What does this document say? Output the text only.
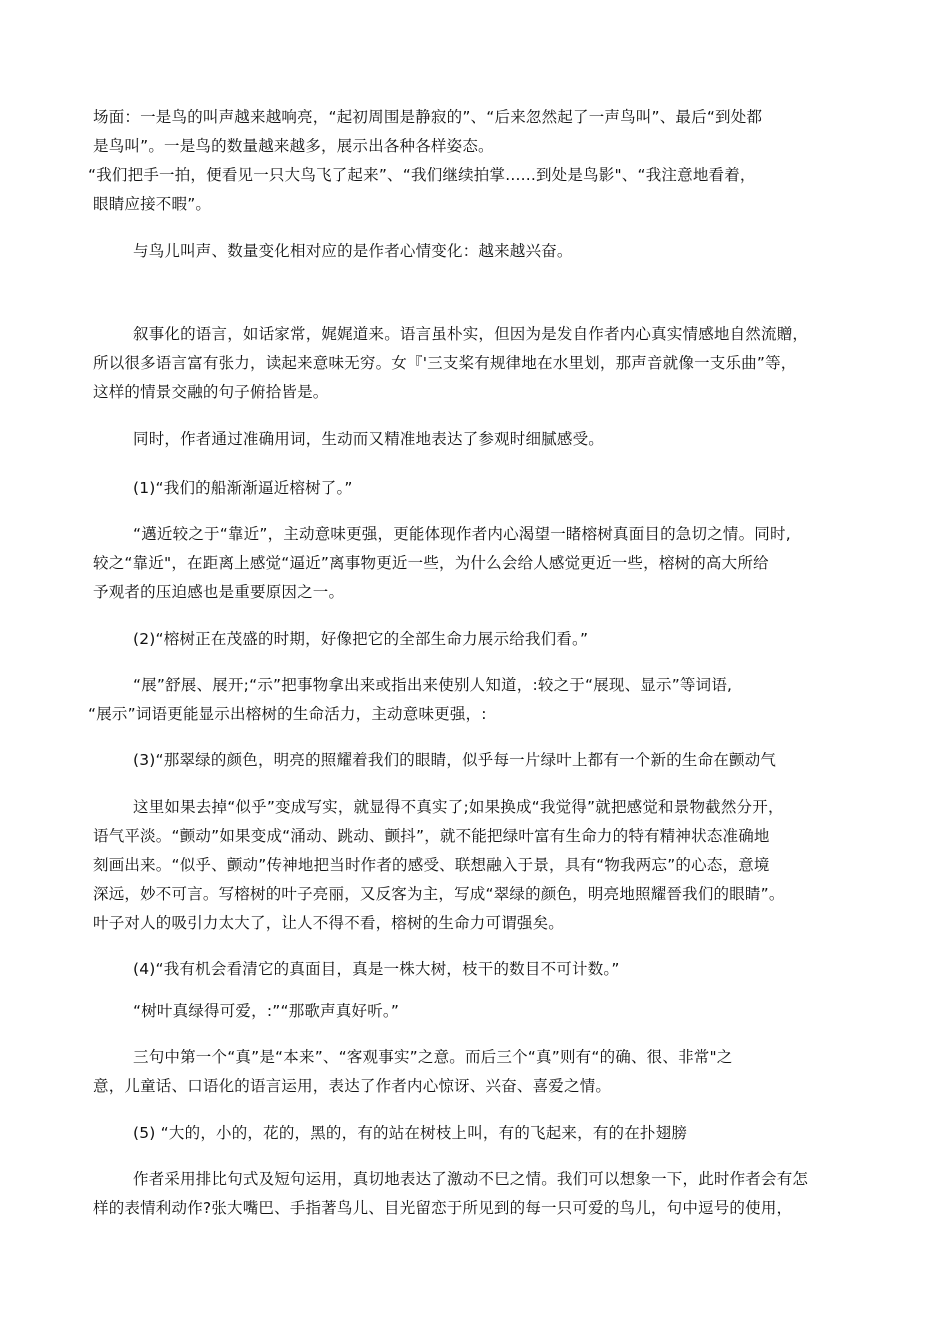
场面：一是鸟的叫声越来越响亮，“起初周围是静寂的”、“后来忽然起了一声鸟叫”、最后“到处都
是鸟叫”。一是鸟的数量越来越多，展示出各种各样姿态。
“我们把手一拍，便看见一只大鸟飞了起来”、“我们继续拍掌......到处是鸟影"、“我注意地看着，
眼睛应接不暇”。
与鸟儿叫声、数量变化相对应的是作者心情变化：越来越兴奋。
叙事化的语言，如话家常，娓娓道来。语言虽朴实，但因为是发自作者内心真实情感地自然流贈，
所以很多语言富有张力，读起来意味无穷。女『'三支桨有规律地在水里划，那声音就像一支乐曲”等，
这样的情景交融的句子俯拾皆是。
同时，作者通过准确用词，生动而又精准地表达了参观时细腻感受。
(1)“我们的船渐渐逼近榕树了。”
“邁近较之于“靠近”，主动意味更强，更能体现作者内心渴望一睹榕树真面目的急切之情。同时,
较之“靠近"，在距离上感觉“逼近”离事物更近一些，为什么会给人感觉更近一些，榕树的高大所给
予观者的压迫感也是重要原因之一。
(2)“榕树正在茂盛的时期，好像把它的全部生命力展示给我们看。”
“展”舒展、展开;“示”把事物拿出来或指出来使别人知道，:较之于“展现、显示”等词语,
“展示”词语更能显示出榕树的生命活力，主动意味更强，:
(3)“那翠绿的颜色，明亮的照耀着我们的眼睛，似乎每一片绿叶上都有一个新的生命在颤动气
这里如果去掉“似乎”变成写实，就显得不真实了;如果换成“我觉得”就把感觉和景物截然分开，
语气平淡。“颤动”如果变成“涌动、跳动、颤抖”，就不能把绿叶富有生命力的特有精神状态准确地
刻画出来。“似乎、颤动”传神地把当时作者的感受、联想融入于景，具有“物我两忘”的心态，意境
深远，妙不可言。写榕树的叶子亮丽，又反客为主，写成“翠绿的颜色，明亮地照耀晉我们的眼睛”。
叶子对人的吸引力太大了，让人不得不看，榕树的生命力可谓强矣。
(4)“我有机会看清它的真面目，真是一株大树，枝干的数目不可计数。”
“树叶真绿得可爱，:”“那歌声真好听。”
三句中第一个“真”是“本来”、“客观事实”之意。而后三个“真”则有“的确、很、非常"之
意，儿童话、口语化的语言运用，表达了作者内心惊讶、兴奋、喜爱之情。
(5) “大的，小的，花的，黑的，有的站在树枝上叫，有的飞起来，有的在扑翅膀
作者采用排比句式及短句运用，真切地表达了激动不巳之情。我们可以想象一下，此时作者会有怎
样的表情利动作?张大嘴巴、手指著鸟儿、目光留恋于所见到的每一只可爱的鸟儿，句中逗号的使用，
